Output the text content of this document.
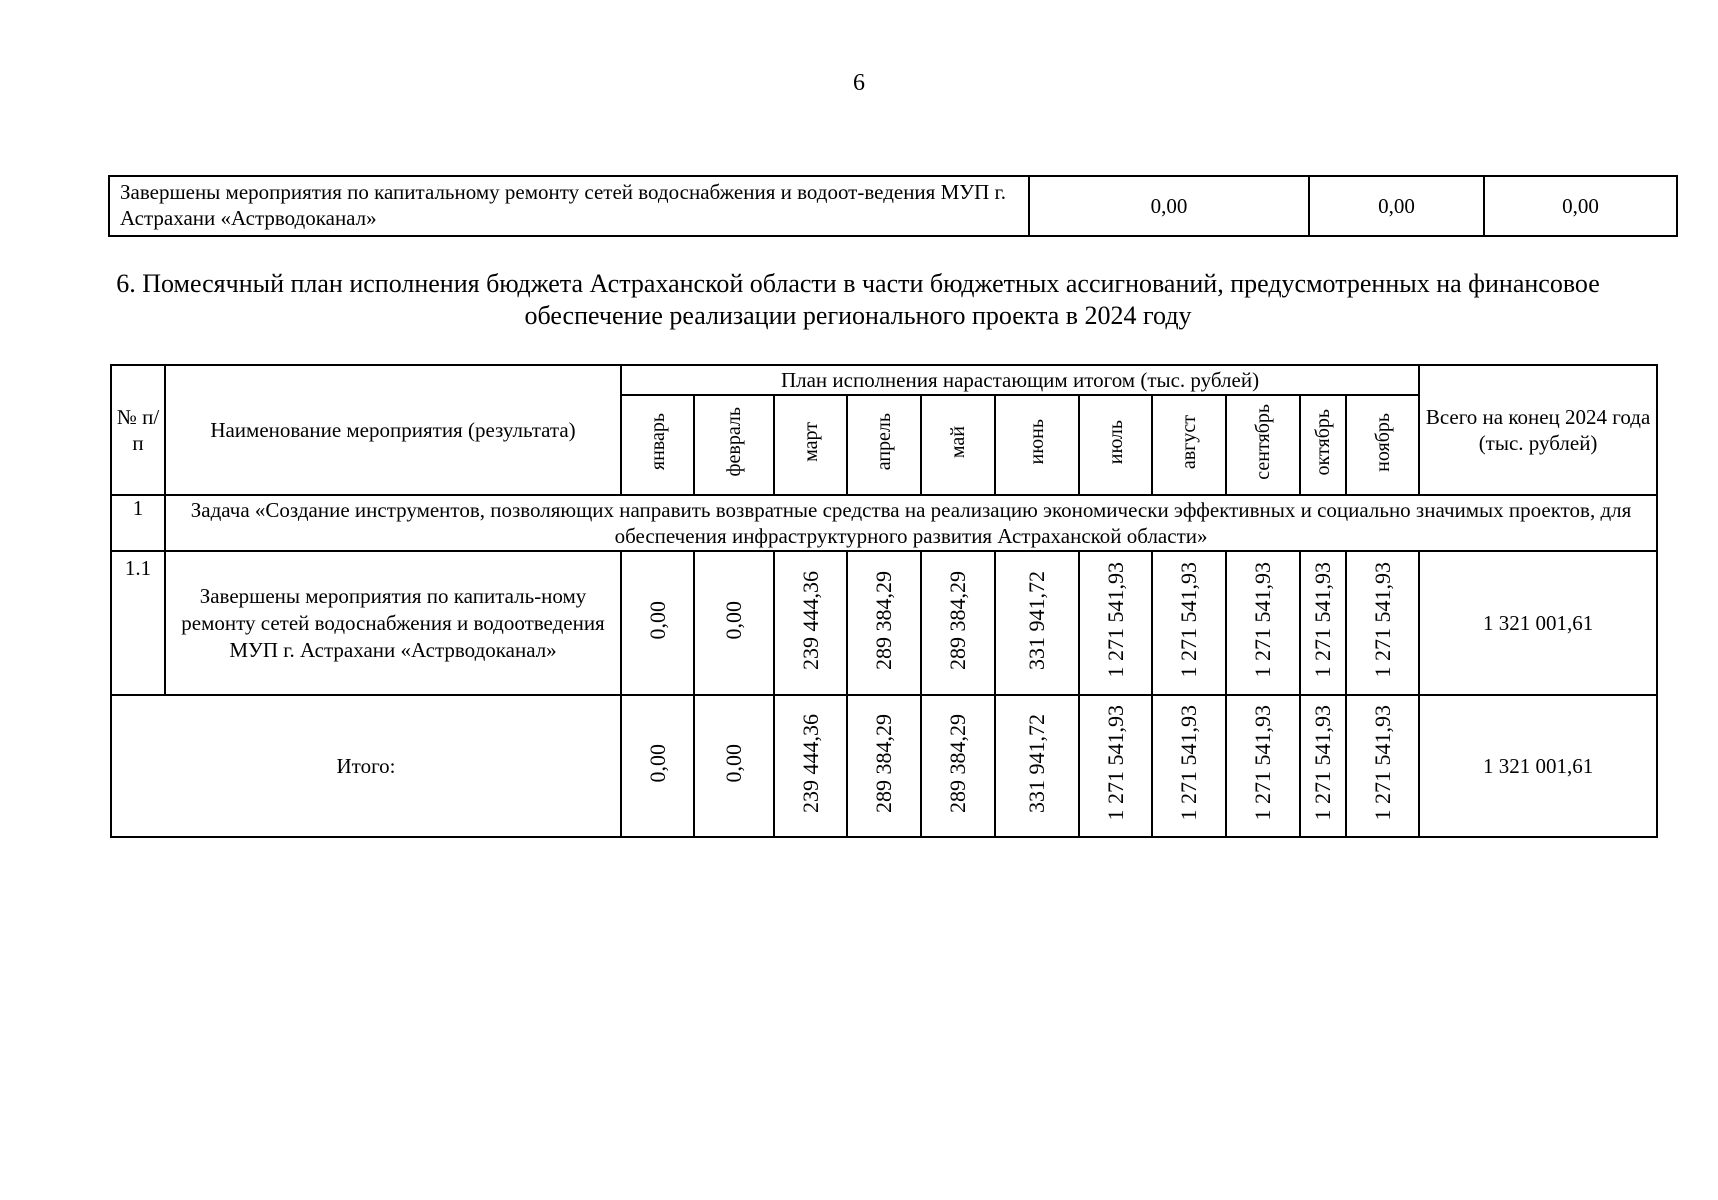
6
Завершены мероприятия по капитальному ремонту сетей водоснабжения и водоот-ведения МУП г. Астрахани «Астрводоканал»	0,00	0,00	0,00
6. Помесячный план исполнения бюджета Астраханской области в части бюджетных ассигнований, предусмотренных на финансовое обеспечение реализации регионального проекта в 2024 году
№ п/п	Наименование мероприятия (результата)	План исполнения нарастающим итогом (тыс. рублей)											Всего на конец 2024 года (тыс. рублей)
		январь	февраль	март	апрель	май	июнь	июль	август	сентябрь	октябрь	ноябрь	
1	Задача «Создание инструментов, позволяющих направить возвратные средства на реализацию экономически эффективных и социально значимых проектов, для обеспечения инфраструктурного развития Астраханской области»												
1.1	Завершены мероприятия по капиталь-ному ремонту сетей водоснабжения и водоотведения МУП г. Астрахани «Астрводоканал»	0,00	0,00	239 444,36	289 384,29	289 384,29	331 941,72	1 271 541,93	1 271 541,93	1 271 541,93	1 271 541,93	1 271 541,93	1 321 001,61
Итого:		0,00	0,00	239 444,36	289 384,29	289 384,29	331 941,72	1 271 541,93	1 271 541,93	1 271 541,93	1 271 541,93	1 271 541,93	1 321 001,61
